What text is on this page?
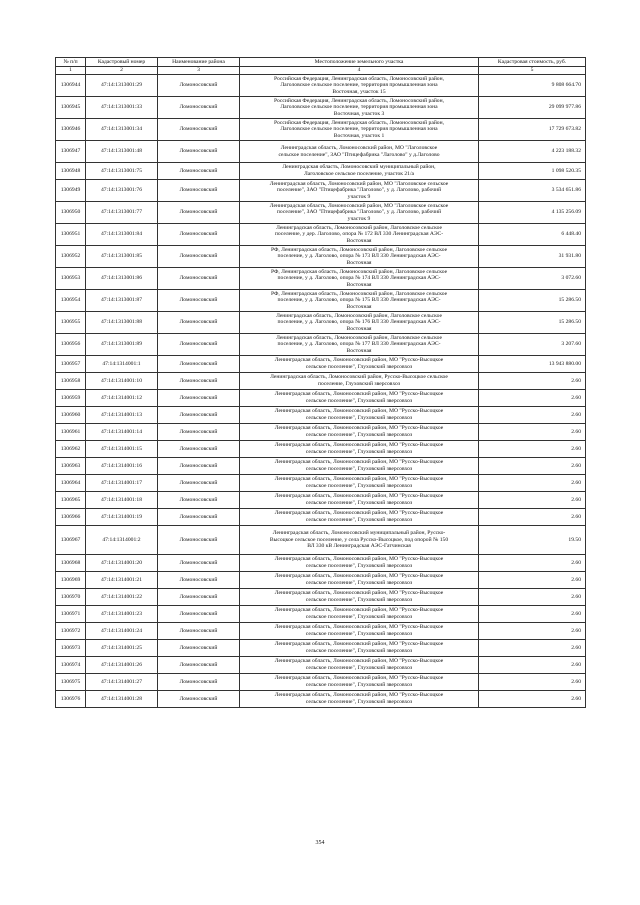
№ п/п	Кадастровый номер	Наименование района	Местоположение земельного участка	Кадастровая стоимость, руб.
1	2	3	4	5
1306944	47:14:1313001:29	Ломоносовский	Российская Федерация, Ленинградская область, Ломоносовский район,
Лаголовское сельское поселение, территория промышленная зона
Восточная, участок 15	9 808 664.70
1306945	47:14:1313001:33	Ломоносовский	Российская Федерация, Ленинградская область, Ломоносовский район,
Лаголовское сельское поселение, территория промышленная зона
Восточная, участок 3	29 099 977.86
1306946	47:14:1313001:34	Ломоносовский	Российская Федерация, Ленинградская область, Ломоносовский район,
Лаголовское сельское поселение, территория промышленная зона
Восточная, участок 1	17 729 673.82
1306947	47:14:1313001:48	Ломоносовский	Ленинградская область, Ломоносовский район, МО "Лаголовское
сельское поселение", ЗАО "Птицефабрика "Лаголово" у д.Лаголово	4 223 188.32
1306948	47:14:1313001:75	Ломоносовский	Ленинградская область, Ломоносовский муниципальный район,
Лаголовское сельское поселение, участок 21/а	1 098 520.35
1306949	47:14:1313001:76	Ломоносовский	Ленинградская область, Ломоносовский район, МО "Лаголовское сельское
поселение", ЗАО "Птицефабрика "Лаголово", у д. Лаголово, рабочий
участок 9	3 534 651.86
1306950	47:14:1313001:77	Ломоносовский	Ленинградская область, Ломоносовский район, МО "Лаголовское сельское
поселение", ЗАО "Птицефабрика "Лаголово", у д. Лаголово, рабочий
участок 9	4 135 256.09
1306951	47:14:1313001:84	Ломоносовский	Ленинградская область, Ломоносовский район, Лаголовское сельское
поселение, у дер. Лаголово, опора № 172 ВЛ 330 Ленинградская АЭС-
Восточная	6 448.40
1306952	47:14:1313001:85	Ломоносовский	РФ, Ленинградская область, Ломоносовский район, Лаголовское сельское
поселение, у д. Лаголово, опора № 173 ВЛ 330 Ленинградская АЭС-
Восточная	31 931.80
1306953	47:14:1313001:86	Ломоносовский	РФ, Ленинградская область, Ломоносовский район, Лаголовское сельское
поселение, у д. Лаголово, опора № 174 ВЛ 330 Ленинградская АЭС-
Восточная	3 072.60
1306954	47:14:1313001:87	Ломоносовский	РФ, Ленинградская область, Ломоносовский район, Лаголовское сельское
поселение, у д. Лаголово, опора № 175 ВЛ 330 Ленинградская АЭС-
Восточная	15 286.50
1306955	47:14:1313001:88	Ломоносовский	Ленинградская область, Ломоносовский район, Лаголовское сельское
поселение, у д. Лаголово, опора № 176 ВЛ 330 Ленинградская АЭС-
Восточная	15 286.50
1306956	47:14:1313001:89	Ломоносовский	Ленинградская область, Ломоносовский район, Лаголовское сельское
поселение, у д. Лаголово, опора № 177 ВЛ 330 Ленинградская АЭС-
Восточная	3 207.60
1306957	47:14:1314001:1	Ломоносовский	Ленинградская область, Ломоносовский район, МО "Русско-Высоцкое
сельское поселение", Глуховский зверсовхоз	13 943 880.00
1306958	47:14:1314001:10	Ломоносовский	Ленинградская область, Ломоносовский район, Русско-Высоцкое сельское
поселение, Глуховский зверсовхоз	2.60
1306959	47:14:1314001:12	Ломоносовский	Ленинградская область, Ломоносовский район, МО "Русско-Высоцкое
сельское поселение", Глуховский зверсовхоз	2.60
1306960	47:14:1314001:13	Ломоносовский	Ленинградская область, Ломоносовский район, МО "Русско-Высоцкое
сельское поселение", Глуховский зверсовхоз	2.60
1306961	47:14:1314001:14	Ломоносовский	Ленинградская область, Ломоносовский район, МО "Русско-Высоцкое
сельское поселение", Глуховский зверсовхоз	2.60
1306962	47:14:1314001:15	Ломоносовский	Ленинградская область, Ломоносовский район, МО "Русско-Высоцкое
сельское поселение", Глуховский зверсовхоз	2.60
1306963	47:14:1314001:16	Ломоносовский	Ленинградская область, Ломоносовский район, МО "Русско-Высоцкое
сельское поселение", Глуховский зверсовхоз	2.60
1306964	47:14:1314001:17	Ломоносовский	Ленинградская область, Ломоносовский район, МО "Русско-Высоцкое
сельское поселение", Глуховский зверсовхоз	2.60
1306965	47:14:1314001:18	Ломоносовский	Ленинградская область, Ломоносовский район, МО "Русско-Высоцкое
сельское поселение", Глуховский зверсовхоз	2.60
1306966	47:14:1314001:19	Ломоносовский	Ленинградская область, Ломоносовский район, МО "Русско-Высоцкое
сельское поселение", Глуховский зверсовхоз	2.60
1306967	47:14:1314001:2	Ломоносовский	Ленинградская область, Ломоносовский муниципальный район, Русско-
Высоцкое сельское поселение, у села Русско-Высоцкое, под опорой № 150
ВЛ 330 кВ Ленинградская АЭС-Гатчинская	19.50
1306968	47:14:1314001:20	Ломоносовский	Ленинградская область, Ломоносовский район, МО "Русско-Высоцкое
сельское поселение", Глуховский зверсовхоз	2.60
1306969	47:14:1314001:21	Ломоносовский	Ленинградская область, Ломоносовский район, МО "Русско-Высоцкое
сельское поселение", Глуховский зверсовхоз	2.60
1306970	47:14:1314001:22	Ломоносовский	Ленинградская область, Ломоносовский район, МО "Русско-Высоцкое
сельское поселение", Глуховский зверсовхоз	2.60
1306971	47:14:1314001:23	Ломоносовский	Ленинградская область, Ломоносовский район, МО "Русско-Высоцкое
сельское поселение", Глуховский зверсовхоз	2.60
1306972	47:14:1314001:24	Ломоносовский	Ленинградская область, Ломоносовский район, МО "Русско-Высоцкое
сельское поселение", Глуховский зверсовхоз	2.60
1306973	47:14:1314001:25	Ломоносовский	Ленинградская область, Ломоносовский район, МО "Русско-Высоцкое
сельское поселение", Глуховский зверсовхоз	2.60
1306974	47:14:1314001:26	Ломоносовский	Ленинградская область, Ломоносовский район, МО "Русско-Высоцкое
сельское поселение", Глуховский зверсовхоз	2.60
1306975	47:14:1314001:27	Ломоносовский	Ленинградская область, Ломоносовский район, МО "Русско-Высоцкое
сельское поселение", Глуховский зверсовхоз	2.60
1306976	47:14:1314001:28	Ломоносовский	Ленинградская область, Ломоносовский район, МО "Русско-Высоцкое
сельское поселение", Глуховский зверсовхоз	2.60
354
